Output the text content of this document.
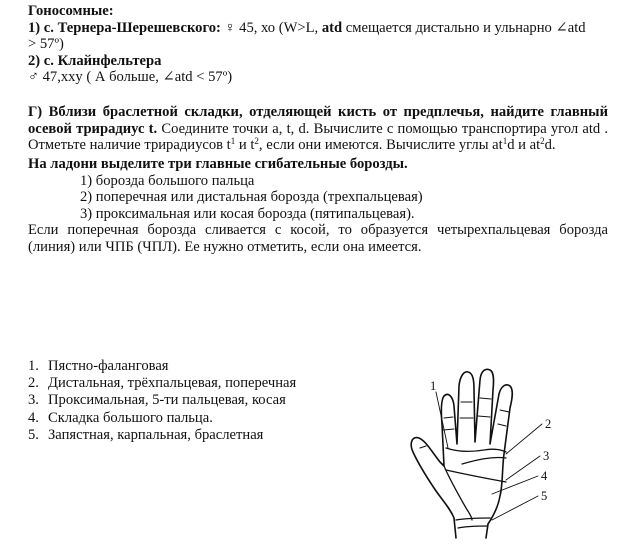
Гоносомные:
1) с. Тернера-Шерешевского: ♀ 45, хо (W>L, atd смещается дистально и ульнарно ∠atd
> 57º)
2) с. Клайнфельтера
♂ 47,ххy ( А больше, ∠atd < 57º)
Г) Вблизи браслетной складки, отделяющей кисть от предплечья, найдите главный осевой трирадиус t. Соедините точки a, t, d. Вычислите с помощью транспортира угол atd . Отметьте наличие трирадиусов $t^1$ и $t^2$, если они имеются. Вычислите углы $at^1d$ и $at^2d$.
На ладони выделите три главные сгибательные борозды.
1) борозда большого пальца
2) поперечная или дистальная борозда (трехпальцевая)
3) проксимальная или косая борозда (пятипальцевая).
Если поперечная борозда сливается с косой, то образуется четырехпальцевая борозда (линия) или ЧПБ (ЧПЛ). Ее нужно отметить, если она имеется.
1. Пястно-фаланговая
2. Дистальная, трёхпальцевая, поперечная
3. Проксимальная, 5-ти пальцевая, косая
4. Складка большого пальца.
5. Запястная, карпальная, браслетная
1
2
3
4
5
